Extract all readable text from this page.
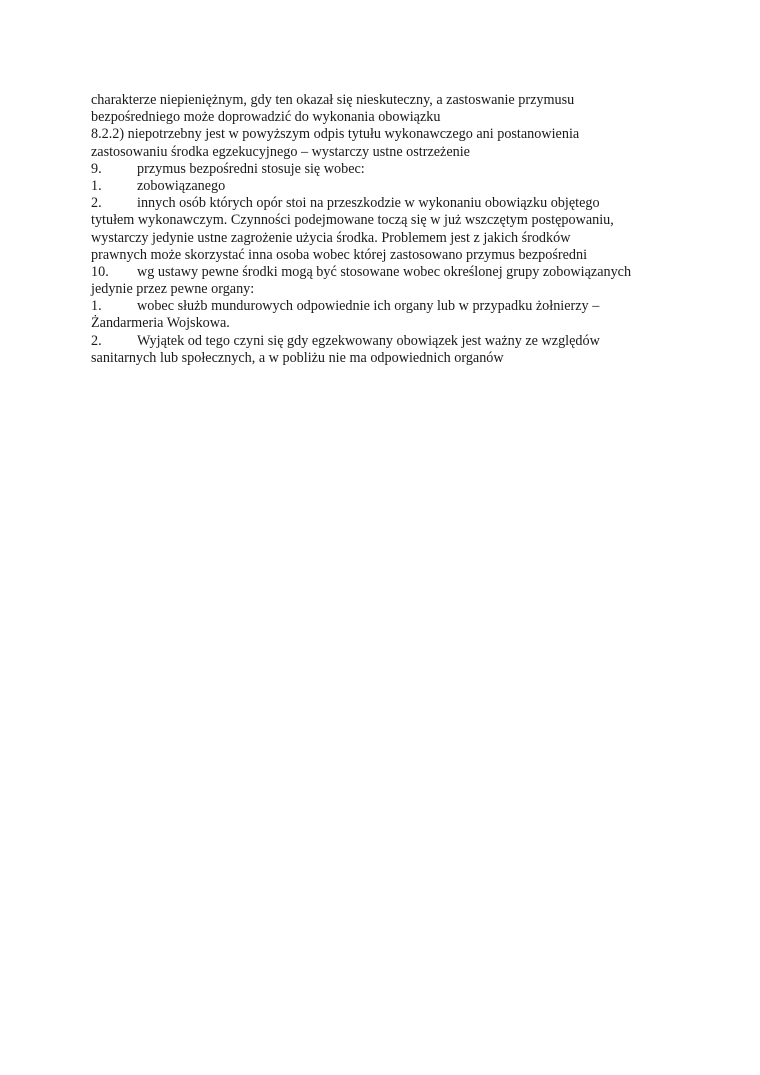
charakterze niepieniężnym, gdy ten okazał się nieskuteczny, a zastoswanie przymusu
bezpośredniego może doprowadzić do wykonania obowiązku
8.2.2) niepotrzebny jest w powyższym odpis tytułu wykonawczego ani postanowienia
zastosowaniu środka egzekucyjnego – wystarczy ustne ostrzeżenie
9. przymus bezpośredni stosuje się wobec:
1. zobowiązanego
2. innych osób których opór stoi na przeszkodzie w wykonaniu obowiązku objętego
tytułem wykonawczym. Czynności podejmowane toczą się w już wszczętym postępowaniu,
wystarczy jedynie ustne zagrożenie użycia środka. Problemem jest z jakich środków
prawnych może skorzystać inna osoba wobec której zastosowano przymus bezpośredni
10. wg ustawy pewne środki mogą być stosowane wobec określonej grupy zobowiązanych
jedynie przez pewne organy:
1. wobec służb mundurowych odpowiednie ich organy lub w przypadku żołnierzy –
Żandarmeria Wojskowa.
2. Wyjątek od tego czyni się gdy egzekwowany obowiązek jest ważny ze względów
sanitarnych lub społecznych, a w pobliżu nie ma odpowiednich organów
